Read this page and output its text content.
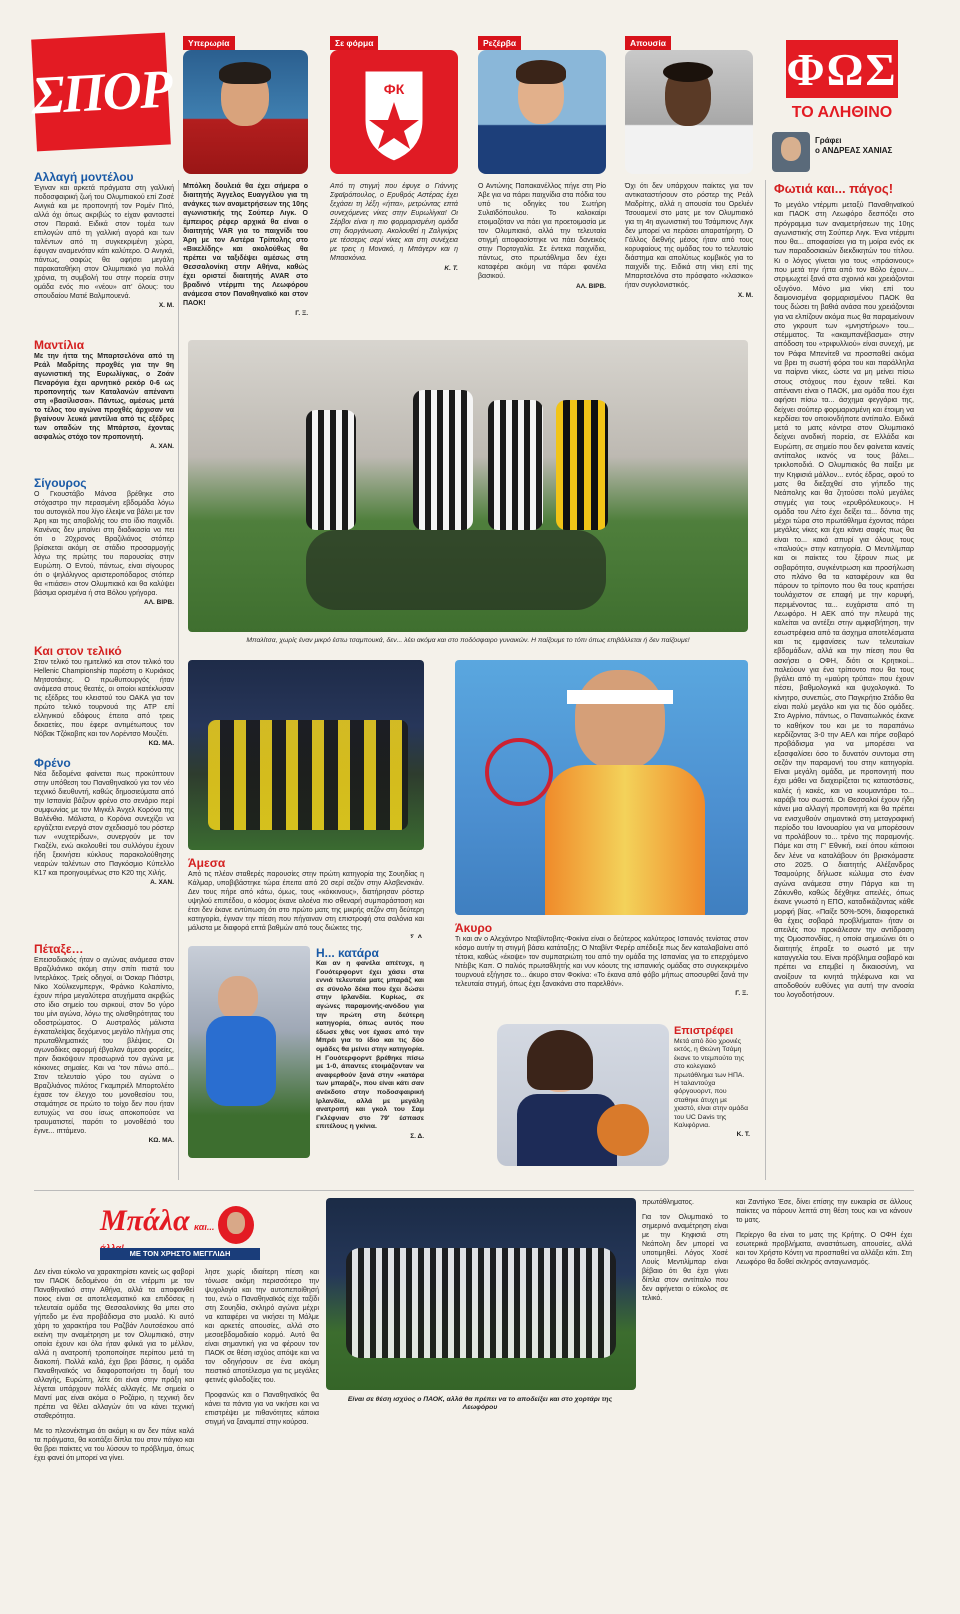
ΣΠΟΡ
Υπερωρία	Σε φόρμα
ФК
Ρεζέρβα	Απουσία
Μπόλκη δουλειά θα έχει σήμερα ο διαιτητής Άγγελος Ευαγγέλου για τη ανάγκες των αναμετρήσεων της 10ης αγωνιστικής της Σούπερ Λιγκ. Ο έμπειρος ρέφερ αρχικά θα είναι ο διαιτητής VAR για το παιχνίδι του Άρη με τον Αστέρα Τρίπολης στο «Βικελίδης» και ακολούθως θα πρέπει να ταξιδέψει αμέσως στη Θεσσαλονίκη στην Αθήνα, καθώς έχει οριστεί διαιτητής AVAR στο βραδινό ντέρμπι της Λεωφόρου ανάμεσα στον Παναθηναϊκό και στον ΠΑΟΚ!
Γ. Ξ.
Από τη στιγμή που έφυγε ο Γιάννης Σφαϊρόπουλος, ο Ερυθρός Αστέρας έχει ξεχάσει τη λέξη «ήττα», μετρώντας επτά συνεχόμενες νίκες στην Ευρωλίγκα! Οι Σέρβοι είναι η πιο φορμαρισμένη ομάδα στη διοργάνωση. Ακολουθεί η Ζαλγκίρις με τέσσερις σερί νίκες και στη συνέχεια με τρεις η Μονακό, η Μπάγερν και η Μπασκόνια.
Κ. Τ.
Ο Αντώνης Παπακανέλλος πήγε στη Ρίο Άβε για να πάρει παιχνίδια στα πόδια του υπό τις οδηγίες του Σωτήρη Συλαϊδόπουλου. Το καλοκαίρι ετοιμαζόταν να πάει για προετοιμασία με τον Ολυμπιακό, αλλά την τελευταία στιγμή αποφασίστηκε να πάει δανεικός στην Πορτογαλία. Σε έντεκα παιχνίδια, πάντως, στο πρωτάθλημα δεν έχει καταφέρει ακόμη να πάρει φανέλα βασικού.
ΑΛ. ΒΙΡΒ.
Όχι ότι δεν υπάρχουν παίκτες για τον αντικαταστήσουν στο ρόστερ της Ρεάλ Μαδρίτης, αλλά η απουσία του Ορελιέν Τσουαμενί στο ματς με τον Ολυμπιακό για τη 4η αγωνιστική του Τσάμπιονς Λιγκ δεν μπορεί να περάσει απαρατήρητη. Ο Γάλλος διεθνής μέσος ήταν από τους κορυφαίους της ομάδας του το τελευταίο διάστημα και απολύτως κομβικός για το παιχνίδι της. Ειδικά στη νίκη επί της Μπαρτσελόνα στο πρόσφατο «κλασικο» ήταν συγκλονιστικός.
Χ. Μ.
Αλλαγή μοντέλου
Έγιναν και αρκετά πράγματα στη γαλλική ποδοσφαιρική ζωή του Ολυμπιακού επί Ζοσέ Ανιγκά και με προπονητή τον Ρομέν Πιτό, αλλά όχι όπως ακριβώς το είχαν φανταστεί στον Πειραιά. Ειδικά στον τομέα των επιλογών από τη γαλλική αγορά και των ταλέντων από τη συγκεκριμένη χώρα, έφυγαν αναμενόταν κάτι καλύτερο. Ο Ανιγκά, πάντως, σαφώς θα αφήσει μεγάλη παρακαταθήκη στον Ολυμπιακό για πολλά χρόνια, τη συμβολή του στην πορεία στην ομάδα ενός πιο «νέου» απ' όλους: του σπουδαίου Ματιέ Βαλμπουενά.
Χ. Μ.
Μαντίλια
Με την ήττα της Μπαρτσελόνα από τη Ρεάλ Μαδρίτης προχθές για την 9η αγωνιστική της Ευρωλίγκας, ο Ζοάν Πεναρόγια έχει αρνητικό ρεκόρ 0-6 ως προπονητής των Καταλανών απέναντι στη «βασίλισσα». Πάντως, αμέσως μετά το τέλος του αγώνα προχθές άρχισαν να βγαίνουν λευκά μαντίλια από τις εξέδρες των οπαδών της Μπάρτσα, έχοντας ασφαλώς στόχο τον προπονητή.
Α. ΧΑΝ.
Σίγουρος
Ο Γκουστάβο Μάνσα βρέθηκε στο στόχαστρο την περασμένη εβδομάδα λόγω του αυτογκόλ που λίγο έλειψε να βάλει με τον Άρη και της αποβολής του στο ίδιο παιχνίδι. Κανένας δεν μπαίνει στη διαδικασία να πει ότι ο 20χρονος Βραζιλιάνος στόπερ βρίσκεται ακόμη σε στάδιο προσαρμογής λόγω της πρώτης του παρουσίας στην Ευρώπη. Ο Εντού, πάντως, είναι σίγουρος ότι ο ψηλόλιγνος αριστεροπόδαρος στόπερ θα «πιάσει» στον Ολυμπιακό και θα καλύψει βάσιμα ορισμένα ή στα Βόλου γρήγορα.
ΑΛ. ΒΙΡΒ.
Και στον τελικό
Στον τελικό του ημιτελικό και στον τελικό του Hellenic Championship παρέστη ο Κυριάκος Μητσοτάκης. Ο πρωθυπουργός ήταν ανάμεσα στους θεατές, οι οποίοι κατέκλυσαν τις εξέδρες του κλειστού του ΟΑΚΑ για τον πρώτο τελικό τουρνουά της ATP επί ελληνικού εδάφους έπειτα από τρεις δεκαετίες, που έφερε αντιμέτωπους τον Νόβακ Τζόκοβιτς και τον Λορέντσο Μουζέτι.
ΚΩ. ΜΑ.
Φρένο
Νέα δεδομένα φαίνεται πως προκύπτουν στην υπόθεση του Παναθηναϊκού για τον νέο τεχνικό διευθυντή, καθώς δημοσιεύματα από την Ισπανία βάζουν φρένο στο σενάριο περί συμφωνίας με τον Μιγκέλ Άνχελ Κορόνα της Βαλένθια. Μάλιστα, ο Κορόνα συνεχίζει να εργάζεται ενεργά στον σχεδιασμό του ρόστερ των «νυχτερίδων», συνεργούν με τον Γκαζέλι, ενώ ακολουθεί του συλλόγου έχουν ήδη ξεκινήσει κύκλους παρακολούθησης νεαρών ταλέντων στο Παγκόσμιο Κύπελλο Κ17 και προηγουμένως στο Κ20 της Χιλής.
Α. ΧΑΝ.
Πέταξε…
Επεισοδιακός ήταν ο αγώνας ανάμεσα στον Βραζιλιάνικο ακόμη στην σπίτι πιστά του Ιντερλάκος. Τρείς οδηγοί, οι Όσκαρ Πιάστρι, Νίκο Χούλκενμπεργκ, Φράνκο Κολαπίντο, έχουν πήρα μεγαλύτερα ατυχήματα ακριβώς στο ίδιο σημείο του σιρκουί, στον 5ο γύρο του μίνι αγώνα, λόγω της ολισθηρότητας του οδοστρώματος. Ο Αυστραλός μάλιστα έγκαταλείψας δεχόμενος μεγάλο πλήγμα στις πρωταθληματικές του βλέψεις. Οι αγωνοδίκες αφορμή έβγαλαν άμεσα φορείες, πριν διακόψουν προσωρινά τον αγώνα με κόκκινες σημαίες. Και να 'τον πάνω από... Στον τελευταίο γύρο του αγώνα ο Βραζιλιάνος πιλότος Γκαμπριέλ Μπορτολέτο έχασε τον έλεγχο του μονοθεσίου του, σταμάτησε σε πρώτο το τοίχο δεν που ήταν ευτυχώς να σου ίσως αποκοπούσε να τραυματιστεί, παρότι το μονοθέσιό του έγινε... ιπτάμενο.
ΚΩ. ΜΑ.
ΦΩΣ
ΤΟ ΑΛΗΘΙΝΟ
Γράφει
ο ΑΝΔΡΕΑΣ ΧΑΝΙΑΣ
Φωτιά και... πάγος!
Το μεγάλο ντέρμπι μεταξύ Παναθηναϊκού και ΠΑΟΚ στη Λεωφόρο δεσπόζει στο πρόγραμμα των αναμετρήσεων της 10ης αγωνιστικής στη Σούπερ Λιγκ. Ένα ντέρμπι που θα... αποφασίσει για τη μοίρα ενός εκ των παραδοσιακών διεκδικητών του τίτλου. Κι ο λόγος γίνεται για τους «πράσινους» που μετά την ήττα από τον Βόλο έχουν... στριμωχτεί ξανά στα σχοινιά και χρειάζονται οξυγόνο. Μόνο μια νίκη επί του δαιμονισμένα φορμαρισμένου ΠΑΟΚ θα τους δώσει τη βαθιά ανάσα που χρειάζονται για να ελπίζουν ακόμα πως θα παραμείνουν στο γκρουπ των «μνηστήρων» του... στέμματος. Τα «ακαμπανέβασμα» στην απόδοση του «τριφυλλιού» είναι συνεχή, με τον Ράφα Μπενίτεθ να προσπαθεί ακόμα να βρει τη σωστή φόρα του και παράλληλα να παίρνει νίκες, ώστε να μη μείνει πίσω στους στόχους που έχουν τεθεί. Και απέναντι είναι ο ΠΑΟΚ, μια ομάδα που έχει αφήσει πίσω τα... άσχημα φεγγάρια της, δείχνει σούπερ φορμαρισμένη και έτοιμη να κερδίσει τον οποιονδήποτε αντίπαλο. Ειδικά μετά το ματς κόντρα στον Ολυμπιακό δείχνει ανοδική πορεία, σε Ελλάδα και Ευρώπη, σε σημείο που δεν φαίνεται κανείς αντίπαλος ικανός να τους βάλει... τρικλοποδιά. Ο Ολυμπιακός θα παίξει με την Κηφισιά μάλλον... εντός έδρας, αφού το ματς θα διεξαχθεί στο γήπεδο της Νεάπολης και θα ζητούσει πολύ μεγάλες στιγμές για τους «ερυθρόλευκους». Η ομάδα του Λέτο έχει δείξει τα... δόντια της μέχρι τώρα στο πρωτάθλημα έχοντας πάρει μεγάλες νίκες και έχει κάνει σαφές πως θα είναι το... κακό σπυρί για όλους τους «παλιούς» στην κατηγορία. Ο Μεντιλίμπαρ και οι παίκτες του ξέρουν πως με σοβαρότητα, συγκέντρωση και προσήλωση στο πλάνο θα τα καταφέρουν και θα πάρουν το τρίποντο που θα τους κρατήσει τουλάχιστον σε επαφή με την κορυφή, περιμένοντας τα... ευχάριστα από τη Λεωφόρο. Η ΑΕΚ από την πλευρά της καλείται να αντέξει στην αμφισβήτηση, την εσωστρέφεια από τα άσχημα αποτελέσματα και τις εμφανίσεις των τελευταίων εβδομάδων, αλλά και την πίεση που θα ασκήσει ο ΟΦΗ, διότι οι Κρητικοί... παλεύουν για ένα τρίποντο που θα τους βγάλει από τη «μαύρη τρύπα» που έχουν πέσει, βαθμολογικά και ψυχολογικά. Το κίνητρο, συνεπώς, στο Παγκρήτιο Στάδιο θα είναι πολύ μεγάλο και για τις δύο ομάδες. Στο Αγρίνιο, πάντως, ο Παναιτωλικός έκανε το καθήκον του και με το παραπάνω κερδίζοντας 3-0 την ΑΕΛ και πήρε σοβαρό προβάδισμα για να μπορέσει να εξασφαλίσει όσο το δυνατόν συντομα στη σεζόν την παραμονή του στην κατηγορία. Είναι μεγάλη ομάδα, με προπονητή που έχει μάθει να διαχειρίζεται τις καταστάσεις, καλές ή κακές, και να κουμαντάρει το... καράβι του σωστά. Οι Θεσσαλοί έχουν ήδη κάνει μια αλλαγή προπονητή και θα πρέπει να ενισχυθούν σημαντικά στη μεταγραφική περίοδο του Ιανουαρίου για να μπορέσουν να προλάβουν το... τρένο της παραμονής. Πάμε και στη Γ' Εθνική, εκεί όπου κάποιοι δεν λένε να καταλάβουν ότι βρισκόμαστε στο 2025. Ο διαιτητής Αλέξανδρος Τσαμούρης δήλωσε κώλυμα στο έναν αγώνα ανάμεσα στην Πάργα και τη Ζάκυνθο, καθώς δέχθηκε απειλές, όπως έκανε γνωστό η ΕΠΟ, καταδικάζοντας κάθε μορφή βίας. «Παίξε 50%-50%, διαφορετικά θα έχεις σοβαρά προβλήματα» ήταν οι απειλές που προκάλεσαν την αντίδραση της Ομοσπονδίας, η οποία σημειώνει ότι ο διαιτητής έπραξε το σωστό με την καταγγελία του. Είναι πρόβλημα σοβαρό και πρέπει να επεμβεί η δικαιοσύνη, να ανοίξουν τα κινητά τηλέφωνα και να αποδοθούν ευθύνες για αυτή την ανοσία του λογοδοτήσουν.
Μπαλίτσα, χωρίς έναν μικρό έστω τσαμπουκά, δεν... λέει ακόμα και στο ποδόσφαιρο γυναικών. Η παίζουμε το τόπι όπως επιβάλλεται ή δεν παίζουμε!
Άμεσα
Από τις πλέον σταθερές παρουσίες στην πρώτη κατηγορία της Σουηδίας η Κάλμαρ, υποβιβάστηκε τώρα έπειτα από 20 σερί σεζόν στην Αλσβενσκάν. Δεν τους πήρε από κάτω, όμως, τους «κόκκινους», διατήρησαν ρόστερ υψηλού επιπέδου, ο κόσμος έκανε ολοένα πιο σθεναρή συμπαράσταση και έτσι δεν έκανε εντύπωση ότι στο πρώτο ματς της μικρής σεζόν στη δεύτερη κατηγορία, έγιναν την πίεση που πήγαιναν στη επιστροφή στα σαλόνια και μάλιστα με διαφορά επτά βαθμών από τους διώκτες της.
Σ. Δ.
Άκυρο
Τι και αν ο Αλεχάντρο Νταβίντοβιτς-Φοκίνα είναι ο δεύτερος καλύτερος Ισπανός τενίστας στον κόσμο αυτήν τη στιγμή βάσει κατάταξης; Ο Νταβίντ Φερέρ απέδειξε πως δεν καταλαβαίνει από τέτοια, καθώς «έκοψε» τον συμπατριώτη του από την ομάδα της Ισπανίας για το επερχόμενο Ντέιβις Καπ. Ο παλιός πρωταθλητής και νυν κόουτς της ισπανικής ομάδας στο συγκεκριμένο τουρνουά εξήγησε το... άκυρο στον Φοκίνα: «Το έκανα από φόβο μήπως αποσυρθεί ξανά την τελευταία στιγμή, όπως έχει ξανακάνει στο παρελθόν».
Γ. Ξ.
Η... κατάρα
Και αν η φανέλα απέτυχε, η Γουότερφορντ έχει χάσει στα εννιά τελευταία ματς μπαράζ και σε σύνολο δέκα που έχει δώσει στην Ιρλανδία. Κυρίως, σε αγώνες παραμονής-ανόδου για την πρώτη στη δεύτερη κατηγορία, όπως αυτός που έδωσε χθες νοτ έχασε από την Μπρέι για το ίδιο και τις δύο ομάδες θα μείνει στην κατηγορία. Η Γουότερφορντ βρέθηκε πίσω με 1-0, άπαντες ετοιμάζονταν να αναφερθούν ξανά στην «κατάρα των μπαράζ», που είναι κάτι σαν ανέκδοτο στην ποδοσφαιρική Ιρλανδία, αλλά με μεγάλη ανατροπή και γκολ του Σαμ Γκλέφνιαν στο 79' έσπασε επιτέλους η γκίνια.
Σ. Δ.
Επιστρέφει
Μετά από δύο χρονιές εκτός, η Θεώνη Τσάμη έκανε το ντεμπούτο της στο κολεγιακό πρωτάθλημα των ΗΠΑ. Η ταλαντούχα φόργουορντ, που σταθηκε άτυχη με χιαστό, είναι στην ομάδα του UC Davis της Καλιφόρνια.
Κ. Τ.
Μπάλα και...
ΜΕ ΤΟΝ ΧΡΗΣΤΟ ΜΕΓΓΛΙΔΗ
Είναι σε θέση ισχύος ο ΠΑΟΚ, αλλά θα πρέπει να το αποδείξει και στο χορτάρι της Λεωφόρου
Δεν είναι εύκολο να χαρακτηρίσει κανείς ως φαβορί τον ΠΑΟΚ δεδομένου ότι σε ντέρμπι με τον Παναθηναϊκό στην Αθήνα, αλλά τα αποφανθεί ποιος είναι σε αποτελεσματικό και επιδόσεις η τελευταία ομάδα της Θεσσαλονίκης θα μπει στο γήπεδο με ένα προβάδισμα στο μυαλό. Κι αυτό χάρη το χαρακτήρα του Ραζβάν Λουτσέσκου από εκείνη την αναμέτρηση με τον Ολυμπιακό, στην οποία έχουν και όλα ήταν φιλικά για το μέλλον, αλλά η ανατροπή τροποποίησε περίπου μετά τη διακοπή. Πολλά καλά, έχει βρει βάσεις, η ομάδα Παναθηναϊκός να διαφοροποιήσει τη δομή του αλλαγής, Ευρώπη, λέτε ότι είναι στην πράξη και λέγεται υπάρχουν πολλές αλλαγές. Με σημεία ο Μαντί μας είναι ακόμα ο Ροζάριο, η τεχνική δεν πρέπει να θέλει αλλαγών ότι να κάνει τεχνική σταθερότητα.
Με το πλεονέκτημα ότι ακόμη κι αν δεν πάνε καλά τα πράγματα, θα κοιτάξει δίπλα του στον πάγκο και θα βρει παίκτες να του λύσουν το πρόβλημα, όπως έχει φανεί ότι μπορεί να γίνει.
λησε χωρίς ιδιαίτερη πίεση και τόνωσε ακόμη περισσότερο την ψυχολογία και την αυτοπεποίθησή του, ενώ ο Παναθηναϊκός είχε ταξίδι στη Σουηδία, σκληρό αγώνα μέχρι να καταφέρει να νικήσει τη Μάλμε και αρκετές απουσίες, αλλά στο μεσοεβδομαδιαίο κορμό. Αυτό θα είναι σημαντική για να φέρουν τον ΠΑΟΚ σε θέση ισχύος απόψε και να τον οδηγήσουν σε ένα ακόμη πειστικό αποτέλεσμα για τις μεγάλες φετινές φιλοδοξίες του.
Προφανώς και ο Παναθηναϊκός θα κάνει τα πάντα για να νικήσει και να επιστρέψει με πιθανότητες κάποια στιγμή να ξαναμπεί στην κούρσα.
πρωτάθληματος.
Για τον Ολυμπιακό το σημερινό αναμέτρηση είναι με την Κηφισιά στη Νεάπολη δεν μπορεί να υποτιμηθεί. Λόγος Χοσέ Λουίς Μεντιλίμπαρ είναι βέβαιο ότι θα έχει γίνει δίπλα στον αντίπαλο που δεν αφήνεται ο εύκολος σε τελικό.
και Ζαντίγκο Έσε, δίνει επίσης την ευκαιρία σε άλλους παίκτες να πάρουν λεπτά στη θέση τους και να κάνουν το ματς.
Περίεργο θα είναι το ματς της Κρήτης. Ο ΟΦΗ έχει εσωτερικά προβλήματα, αναστάτωση, απουσίες, αλλά και τον Χρήστο Κόντη να προσπαθεί να αλλάξει κάτι. Στη Λεωφόρο θα δοθεί σκληρός ανταγωνισμός.
